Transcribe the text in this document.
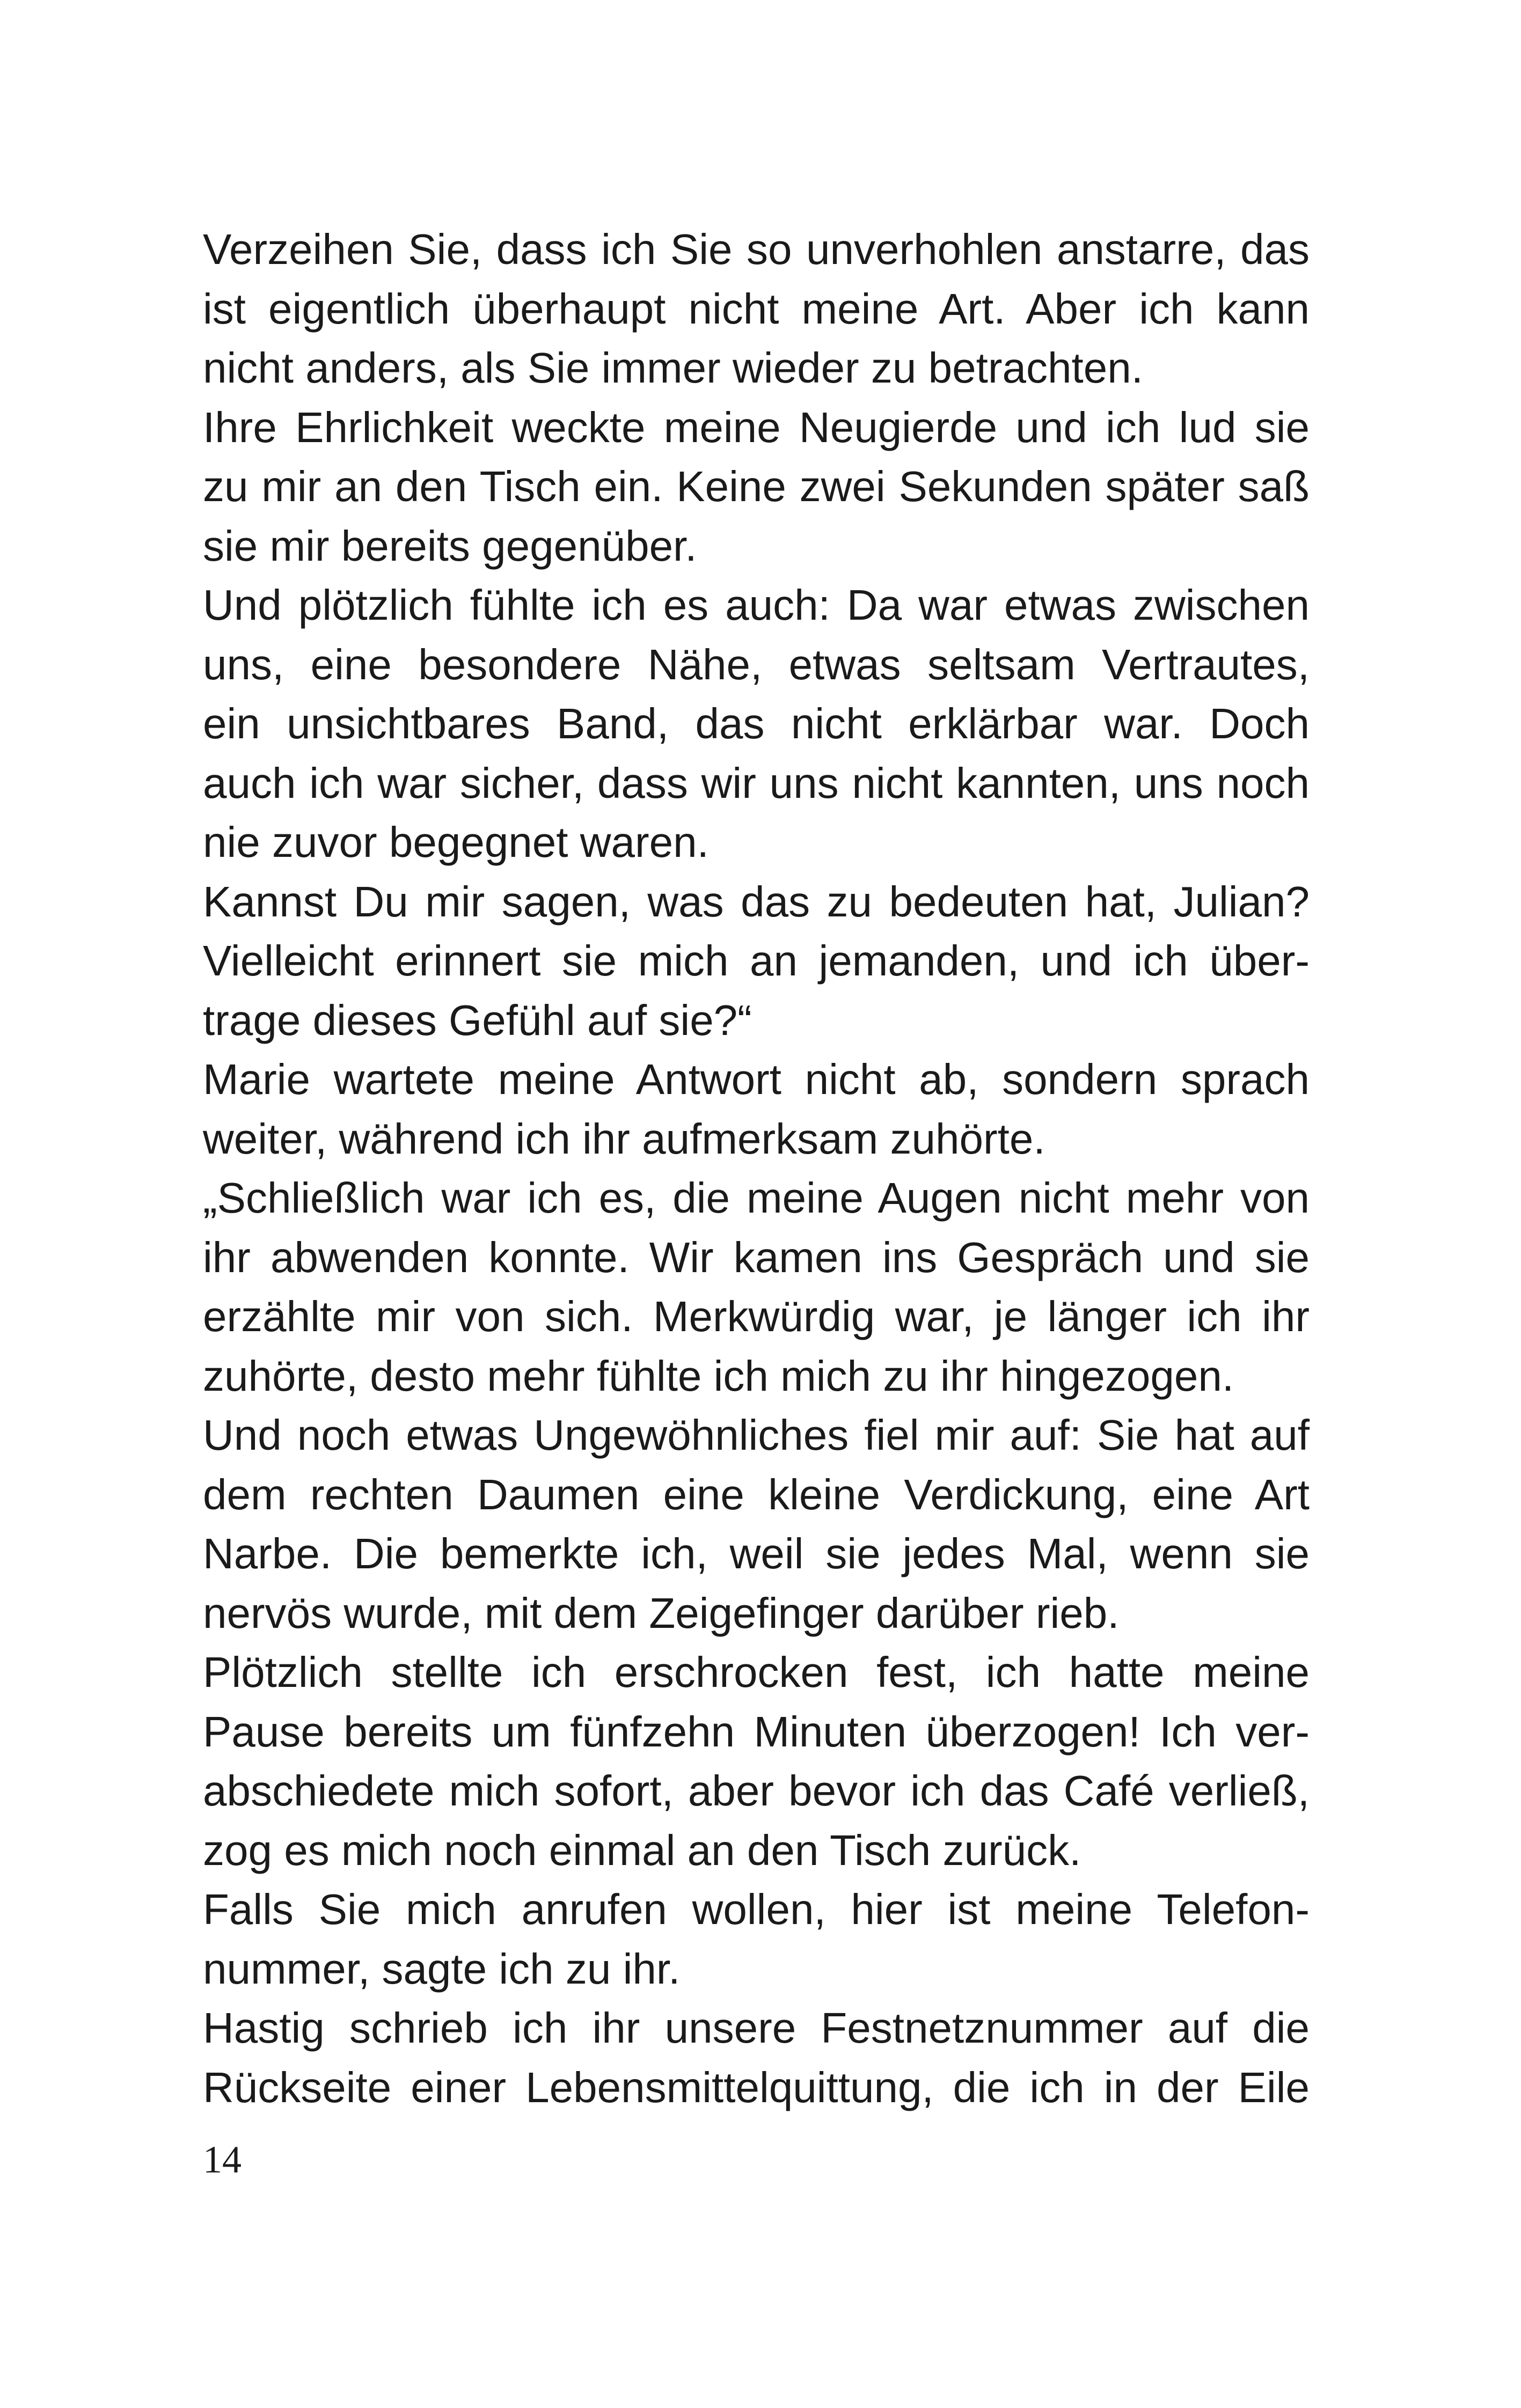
Verzeihen Sie, dass ich Sie so unverhohlen anstarre, das
ist eigentlich überhaupt nicht meine Art. Aber ich kann
nicht anders, als Sie immer wieder zu betrachten.
Ihre Ehrlichkeit weckte meine Neugierde und ich lud sie
zu mir an den Tisch ein. Keine zwei Sekunden später saß
sie mir bereits gegenüber.
Und plötzlich fühlte ich es auch: Da war etwas zwischen
uns, eine besondere Nähe, etwas seltsam Vertrautes,
ein unsichtbares Band, das nicht erklärbar war. Doch
auch ich war sicher, dass wir uns nicht kannten, uns noch
nie zuvor begegnet waren.
Kannst Du mir sagen, was das zu bedeuten hat, Julian?
Vielleicht erinnert sie mich an jemanden, und ich über-
trage dieses Gefühl auf sie?“
Marie wartete meine Antwort nicht ab, sondern sprach
weiter, während ich ihr aufmerksam zuhörte.
„Schließlich war ich es, die meine Augen nicht mehr von
ihr abwenden konnte. Wir kamen ins Gespräch und sie
erzählte mir von sich. Merkwürdig war, je länger ich ihr
zuhörte, desto mehr fühlte ich mich zu ihr hingezogen.
Und noch etwas Ungewöhnliches fiel mir auf: Sie hat auf
dem rechten Daumen eine kleine Verdickung, eine Art
Narbe. Die bemerkte ich, weil sie jedes Mal, wenn sie
nervös wurde, mit dem Zeigefinger darüber rieb.
Plötzlich stellte ich erschrocken fest, ich hatte meine
Pause bereits um fünfzehn Minuten überzogen! Ich ver-
abschiedete mich sofort, aber bevor ich das Café verließ,
zog es mich noch einmal an den Tisch zurück.
Falls Sie mich anrufen wollen, hier ist meine Telefon-
nummer, sagte ich zu ihr.
Hastig schrieb ich ihr unsere Festnetznummer auf die
Rückseite einer Lebensmittelquittung, die ich in der Eile
14
